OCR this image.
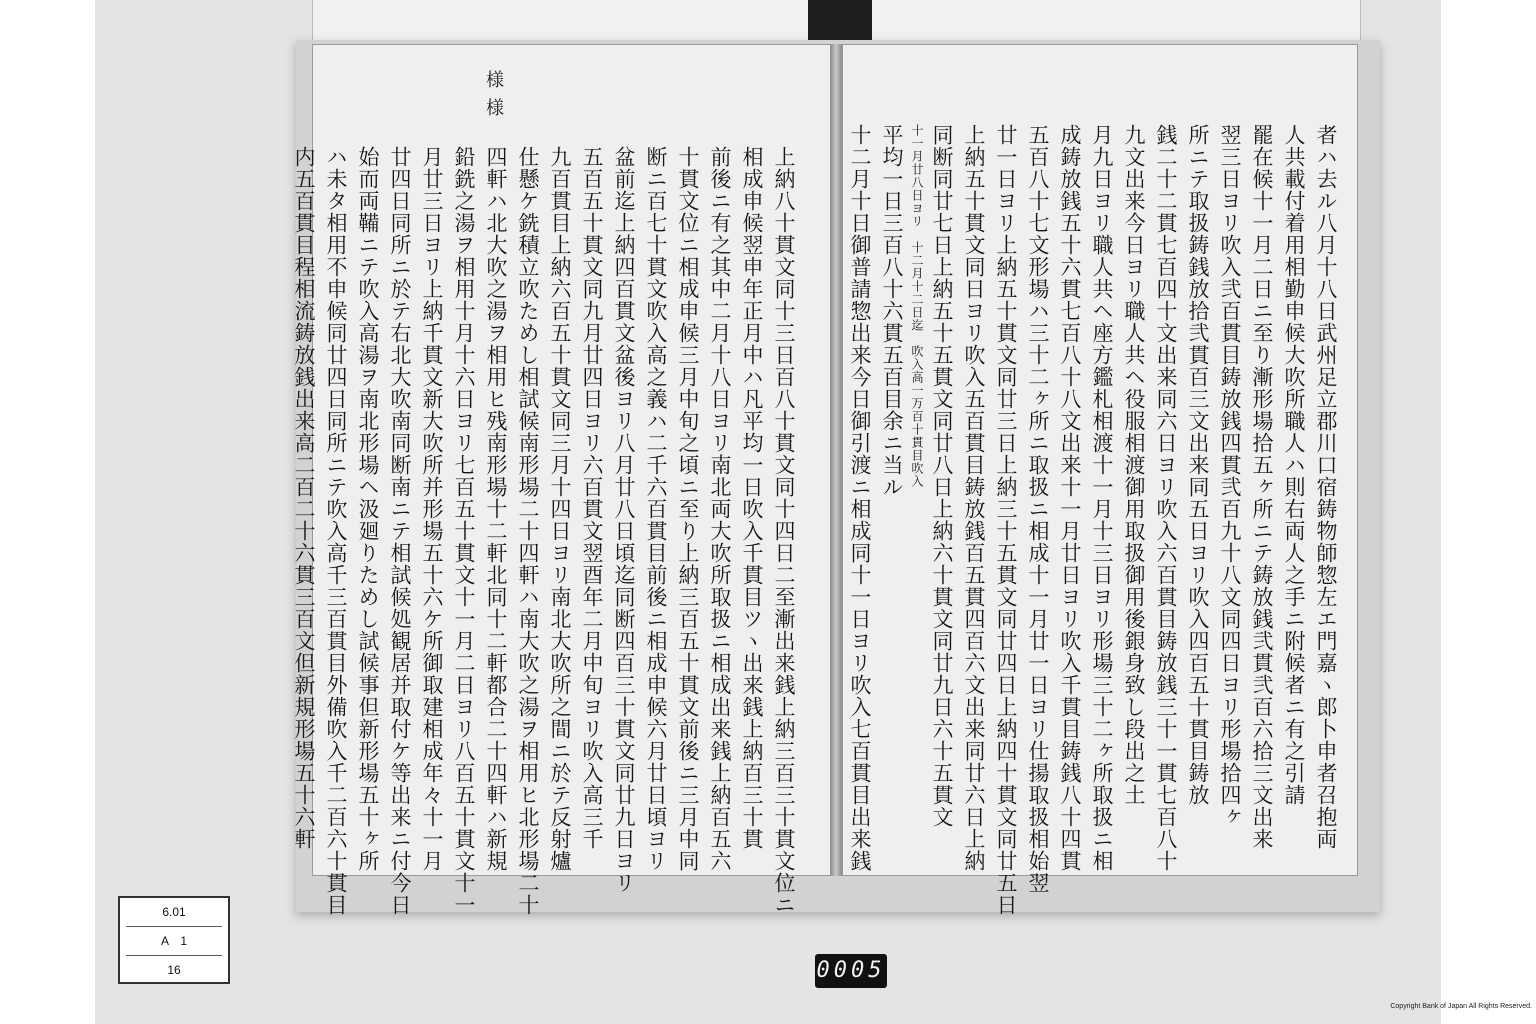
様 様
上納八十貫文同十三日百八十貫文同十四日二至漸出来銭上納三百三十貫文位ニ
相成申候翌申年正月中ハ凡平均一日吹入千貫目ツヽ出来銭上納百三十貫
前後ニ有之其中二月十八日ヨリ南北両大吹所取扱ニ相成出来銭上納百五六
十貫文位ニ相成申候三月中旬之頃ニ至り上納三百五十貫文前後ニ三月中同
断ニ百七十貫文吹入高之義ハ二千六百貫目前後ニ相成申候六月廿日頃ヨリ
盆前迄上納四百貫文盆後ヨリ八月廿八日頃迄同断四百三十貫文同廿九日ヨリ
五百五十貫文同九月廿四日ヨリ六百貫文翌酉年二月中旬ヨリ吹入高三千
九百貫目上納六百五十貫文同三月十四日ヨリ南北大吹所之間ニ於テ反射爐
仕懸ケ銑積立吹ためし相試候南形場二十四軒ハ南大吹之湯ヲ相用ヒ北形場二十
四軒ハ北大吹之湯ヲ相用ヒ残南形場十二軒北同十二軒都合二十四軒ハ新規
鉛銑之湯ヲ相用十月十六日ヨリ七百五十貫文十一月二日ヨリ八百五十貫文十一
月廿三日ヨリ上納千貫文新大吹所并形場五十六ケ所御取建相成年々十一月
廿四日同所ニ於テ右北大吹南同断南ニテ相試候処観居并取付ケ等出来ニ付今日
始而両鞴ニテ吹入高湯ヲ南北形場ヘ汲廻りためし試候事但新形場五十ヶ所
ハ未タ相用不申候同廿四日同所ニテ吹入高千三百貫目外備吹入千二百六十貫目
内五百貫目程相流鋳放銭出来高二百二十六貫三百文但新規形場五十六軒	者ハ去ル八月十八日武州足立郡川口宿鋳物師惣左エ門嘉ヽ郎卜申者召抱両
人共載付着用相勤申候大吹所職人ハ則右両人之手ニ附候者ニ有之引請
罷在候十一月二日ニ至り漸形場拾五ヶ所ニテ鋳放銭弐貫弐百六拾三文出来
翌三日ヨリ吹入弐百貫目鋳放銭四貫弐百九十八文同四日ヨリ形場拾四ヶ
所ニテ取扱鋳銭放拾弐貫百三文出来同五日ヨリ吹入四百五十貫目鋳放
銭二十二貫七百四十文出来同六日ヨリ吹入六百貫目鋳放銭三十一貫七百八十
九文出来今日ヨリ職人共ヘ役服相渡御用取扱御用後銀身致し段出之土
月九日ヨリ職人共ヘ座方鑑札相渡十一月十三日ヨリ形場三十二ヶ所取扱ニ相
成鋳放銭五十六貫七百八十八文出来十一月廿日ヨリ吹入千貫目鋳銭八十四貫
五百八十七文形場ハ三十二ヶ所ニ取扱ニ相成十一月廿一日ヨリ仕揚取扱相始翌
廿一日ヨリ上納五十貫文同廿三日上納三十五貫文同廿四日上納四十貫文同廿五日
上納五十貫文同日ヨリ吹入五百貫目鋳放銭百五貫四百六文出来同廿六日上納
同断同廿七日上納五十五貫文同廿八日上納六十貫文同廿九日六十五貫文
十一月廿八日ヨリ　十二月十二日迄　吹入高一万百十貫目吹入
平均一日三百八十六貫五百目余ニ当ル
十二月十日御普請惣出来今日御引渡ニ相成同十一日ヨリ吹入七百貫目出来銭
6.01
A　1
16	0005
Copyright Bank of Japan All Rights Reserved.
